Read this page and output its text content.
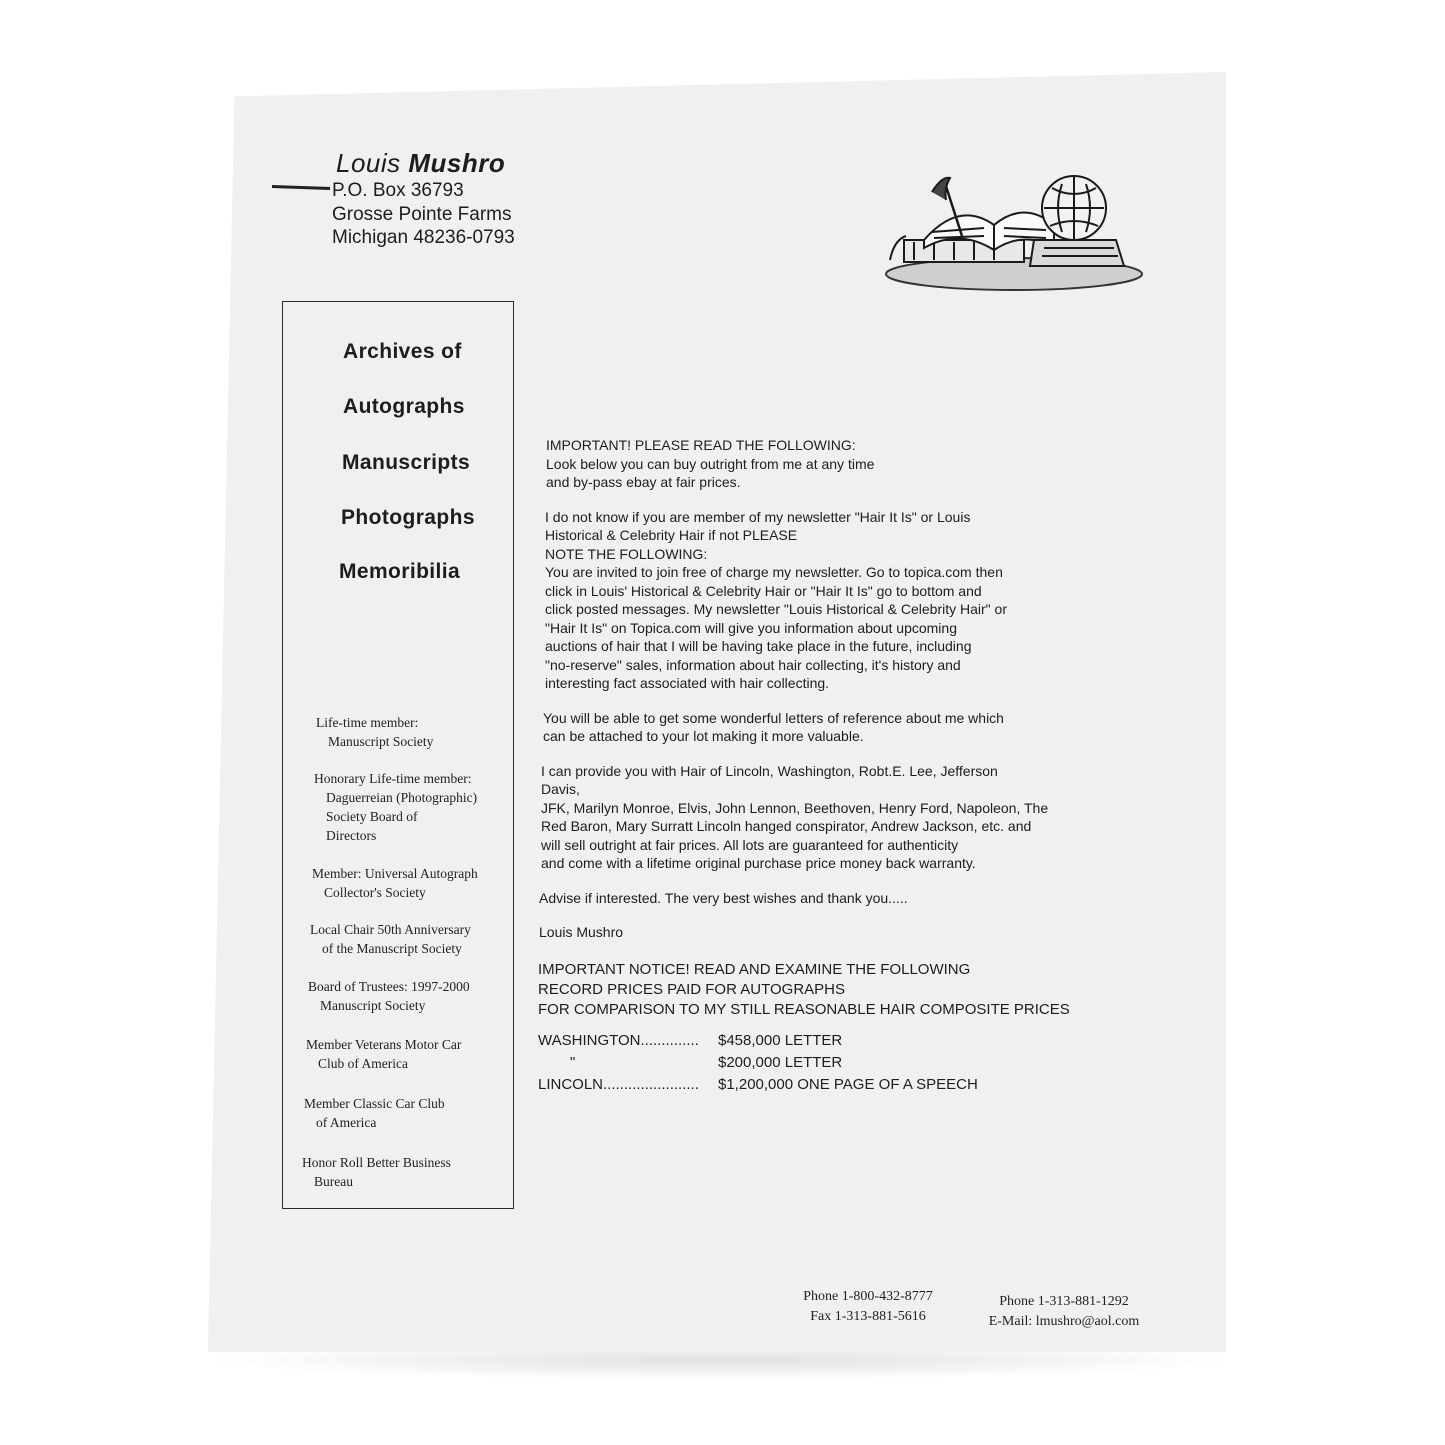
Louis Mushro
P.O. Box 36793
Grosse Pointe Farms
Michigan 48236-0793
Archives of
Autographs
Manuscripts
Photographs
Memoribilia
Life-time member:
Manuscript Society
Honorary Life-time member:
Daguerreian (Photographic)
Society Board of
Directors
Member: Universal Autograph
Collector's Society
Local Chair 50th Anniversary
of the Manuscript Society
Board of Trustees: 1997-2000
Manuscript Society
Member Veterans Motor Car
Club of America
Member Classic Car Club
of America
Honor Roll Better Business
Bureau

IMPORTANT! PLEASE READ THE FOLLOWING:
Look below you can buy outright from me at any time
and by-pass ebay at fair prices.

I do not know if you are member of my newsletter "Hair It Is" or Louis
Historical & Celebrity Hair if not PLEASE
NOTE THE FOLLOWING:
You are invited to join free of charge my newsletter. Go to topica.com then
click in Louis' Historical & Celebrity Hair or "Hair It Is" go to bottom and
click posted messages. My newsletter "Louis Historical & Celebrity Hair" or
"Hair It Is" on Topica.com will give you information about upcoming
auctions of hair that I will be having take place in the future, including
"no-reserve" sales, information about hair collecting, it's history and
interesting fact associated with hair collecting.

You will be able to get some wonderful letters of reference about me which
can be attached to your lot making it more valuable.

I can provide you with Hair of Lincoln, Washington, Robt.E. Lee, Jefferson
Davis,
JFK, Marilyn Monroe, Elvis, John Lennon, Beethoven, Henry Ford, Napoleon, The
Red Baron, Mary Surratt Lincoln hanged conspirator, Andrew Jackson, etc. and
will sell outright at fair prices. All lots are guaranteed for authenticity
and come with a lifetime original purchase price money back warranty.

Advise if interested. The very best wishes and thank you.....

Louis Mushro

IMPORTANT NOTICE! READ AND EXAMINE THE FOLLOWING
RECORD PRICES PAID FOR AUTOGRAPHS
FOR COMPARISON TO MY STILL REASONABLE HAIR COMPOSITE PRICES
WASHINGTON..............	$458,000 LETTER
"	$200,000 LETTER
LINCOLN.......................	$1,200,000 ONE PAGE OF A SPEECH
Phone 1-800-432-8777
Fax 1-313-881-5616
Phone 1-313-881-1292
E-Mail: lmushro@aol.com
